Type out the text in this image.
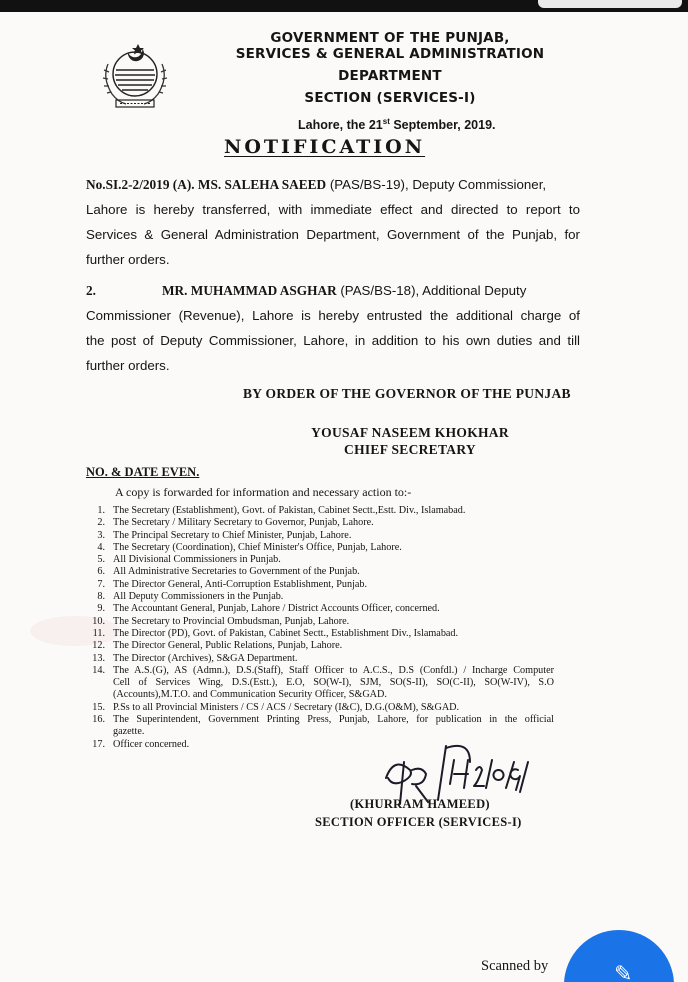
GOVERNMENT OF THE PUNJAB,
SERVICES & GENERAL ADMINISTRATION
DEPARTMENT
SECTION (SERVICES-I)
Lahore, the 21st September, 2019.
NOTIFICATION
No.SI.2-2/2019 (A). MS. SALEHA SAEED (PAS/BS-19), Deputy Commissioner,
Lahore is hereby transferred, with immediate effect and directed to report to
Services & General Administration Department, Government of the Punjab, for
further orders.
2.	MR. MUHAMMAD ASGHAR (PAS/BS-18), Additional Deputy
Commissioner (Revenue), Lahore is hereby entrusted the additional charge of
the post of Deputy Commissioner, Lahore, in addition to his own duties and till
further orders.
BY ORDER OF THE GOVERNOR OF THE PUNJAB
YOUSAF NASEEM KHOKHAR
CHIEF SECRETARY
NO. & DATE EVEN.
A copy is forwarded for information and necessary action to:-
1. The Secretary (Establishment), Govt. of Pakistan, Cabinet Sectt.,Estt. Div., Islamabad.
2. The Secretary / Military Secretary to Governor, Punjab, Lahore.
3. The Principal Secretary to Chief Minister, Punjab, Lahore.
4. The Secretary (Coordination), Chief Minister's Office, Punjab, Lahore.
5. All Divisional Commissioners in Punjab.
6. All Administrative Secretaries to Government of the Punjab.
7. The Director General, Anti-Corruption Establishment, Punjab.
8. All Deputy Commissioners in the Punjab.
9. The Accountant General, Punjab, Lahore / District Accounts Officer, concerned.
10. The Secretary to Provincial Ombudsman, Punjab, Lahore.
11. The Director (PD), Govt. of Pakistan, Cabinet Sectt., Establishment Div., Islamabad.
12. The Director General, Public Relations, Punjab, Lahore.
13. The Director (Archives), S&GA Department.
14. The A.S.(G), AS (Admn.), D.S.(Staff), Staff Officer to A.C.S., D.S (Confdl.) / Incharge Computer
Cell of Services Wing, D.S.(Estt.), E.O, SO(W-I), SJM, SO(S-II), SO(C-II), SO(W-IV), S.O
(Accounts),M.T.O. and Communication Security Officer, S&GAD.
15. P.Ss to all Provincial Ministers / CS / ACS / Secretary (I&C), D.G.(O&M), S&GAD.
16. The Superintendent, Government Printing Press, Punjab, Lahore, for publication in the official
gazette.
17. Officer concerned.
(KHURRAM HAMEED)
SECTION OFFICER (SERVICES-I)
Scanned by	✎
